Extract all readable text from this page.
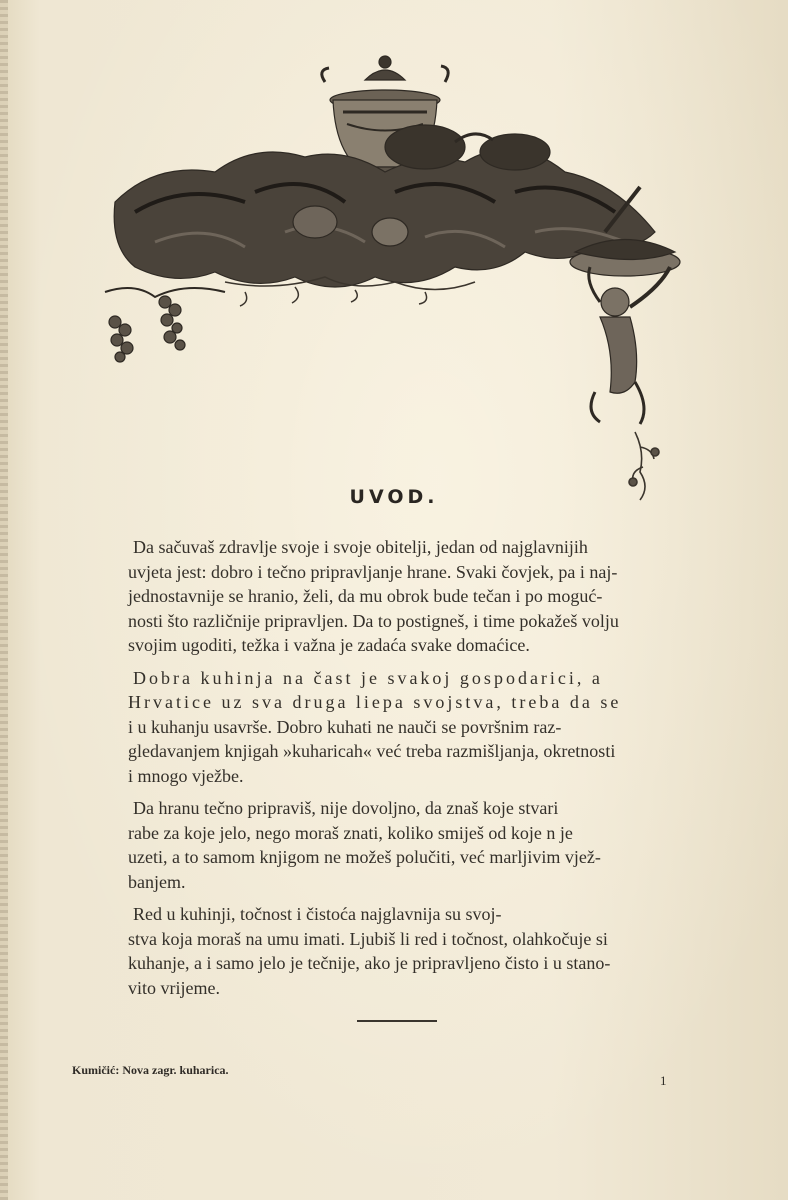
UVOD.

Da sačuvaš zdravlje svoje i svoje obitelji, jedan od najglavnijih
uvjeta jest: dobro i tečno pripravljanje hrane. Svaki čovjek, pa i naj-
jednostavnije se hranio, želi, da mu obrok bude tečan i po moguć-
nosti što različnije pripravljen. Da to postigneš, i time pokažeš volju
svojim ugoditi, težka i važna je zadaća svake domaćice.

Dobra kuhinja na čast je svakoj gospodarici, a
Hrvatice uz sva druga liepa svojstva, treba da se
i u kuhanju usavrše. Dobro kuhati ne nauči se površnim raz-
gledavanjem knjigah »kuharicah« već treba razmišljanja, okretnosti
i mnogo vježbe.

Da hranu tečno pripraviš, nije dovoljno, da znaš koje stvari
rabe za koje jelo, nego moraš znati, koliko smiješ od koje n je
uzeti, a to samom knjigom ne možeš polučiti, već marljivim vjež-
banjem.

Red u kuhinji, točnost i čistoća najglavnija su svoj-
stva koja moraš na umu imati. Ljubiš li red i točnost, olahkočuje si
kuhanje, a i samo jelo je tečnije, ako je pripravljeno čisto i u stano-
vito vrijeme.

Kumičić: Nova zagr. kuharica.
1
